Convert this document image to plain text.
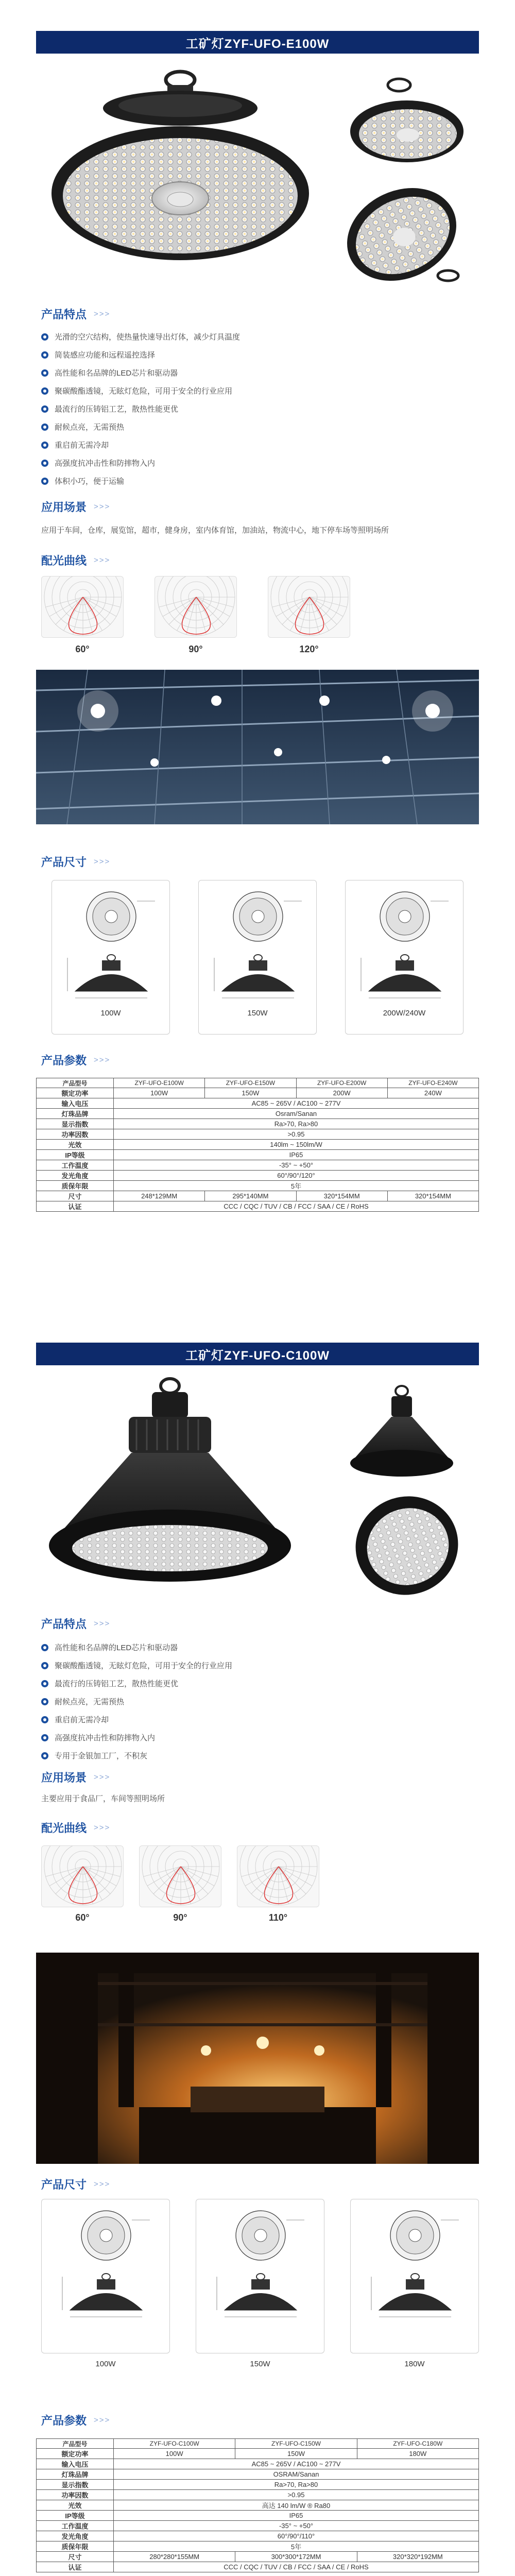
工矿灯ZYF-UFO-E100W
产品特点 >>>
光滑的空穴结构，使热量快速导出灯体，减少灯具温度
简装感应功能和远程遥控选择
高性能和名品牌的LED芯片和驱动器
聚碳酸酯透镜，无眩灯危险，可用于安全的行业应用
最流行的压铸铝工艺，散热性能更优
耐候点亮，无需预热
重启前无需冷却
高强度抗冲击性和防摔物入内
体积小巧，便于运输
应用场景 >>>
应用于车间，仓库，展览馆，超市，健身房，室内体育馆，加油站，物流中心，地下停车场等照明场所
配光曲线 >>>
60°	90°	120°
产品尺寸 >>>
100W	150W	200W/240W
产品参数 >>>
产品型号	ZYF-UFO-E100W	ZYF-UFO-E150W	ZYF-UFO-E200W	ZYF-UFO-E240W
额定功率	100W	150W	200W	240W
输入电压	AC85 ~ 265V / AC100 ~ 277V			
灯珠品牌	Osram/Sanan			
显示指数	Ra>70, Ra>80			
功率因数	>0.95			
光效	140lm ~ 150lm/W			
IP等级	IP65			
工作温度	-35° ~ +50°			
发光角度	60°/90°/120°			
质保年限	5年			
尺寸	248*129MM	295*140MM	320*154MM	320*154MM
认证	CCC / CQC / TUV / CB / FCC / SAA / CE / RoHS			
工矿灯ZYF-UFO-C100W
产品特点 >>>
高性能和名品牌的LED芯片和驱动器
聚碳酸酯透镜，无眩灯危险，可用于安全的行业应用
最流行的压铸铝工艺，散热性能更优
耐候点亮，无需预热
重启前无需冷却
高强度抗冲击性和防摔物入内
专用于金银加工厂，不积灰
应用场景 >>>
主要应用于食品厂，车间等照明场所
配光曲线 >>>
60°	90°	110°
产品尺寸 >>>
100W	150W	180W
产品参数 >>>
产品型号	ZYF-UFO-C100W	ZYF-UFO-C150W	ZYF-UFO-C180W
额定功率	100W	150W	180W
输入电压	AC85 ~ 265V / AC100 ~ 277V		
灯珠品牌	OSRAM/Sanan		
显示指数	Ra>70, Ra>80		
功率因数	>0.95		
光效	高达 140 lm/W ® Ra80		
IP等级	IP65		
工作温度	-35° ~ +50°		
发光角度	60°/90°/110°		
质保年限	5年		
尺寸	280*280*155MM	300*300*172MM	320*320*192MM
认证	CCC / CQC / TUV / CB / FCC / SAA / CE / RoHS		
